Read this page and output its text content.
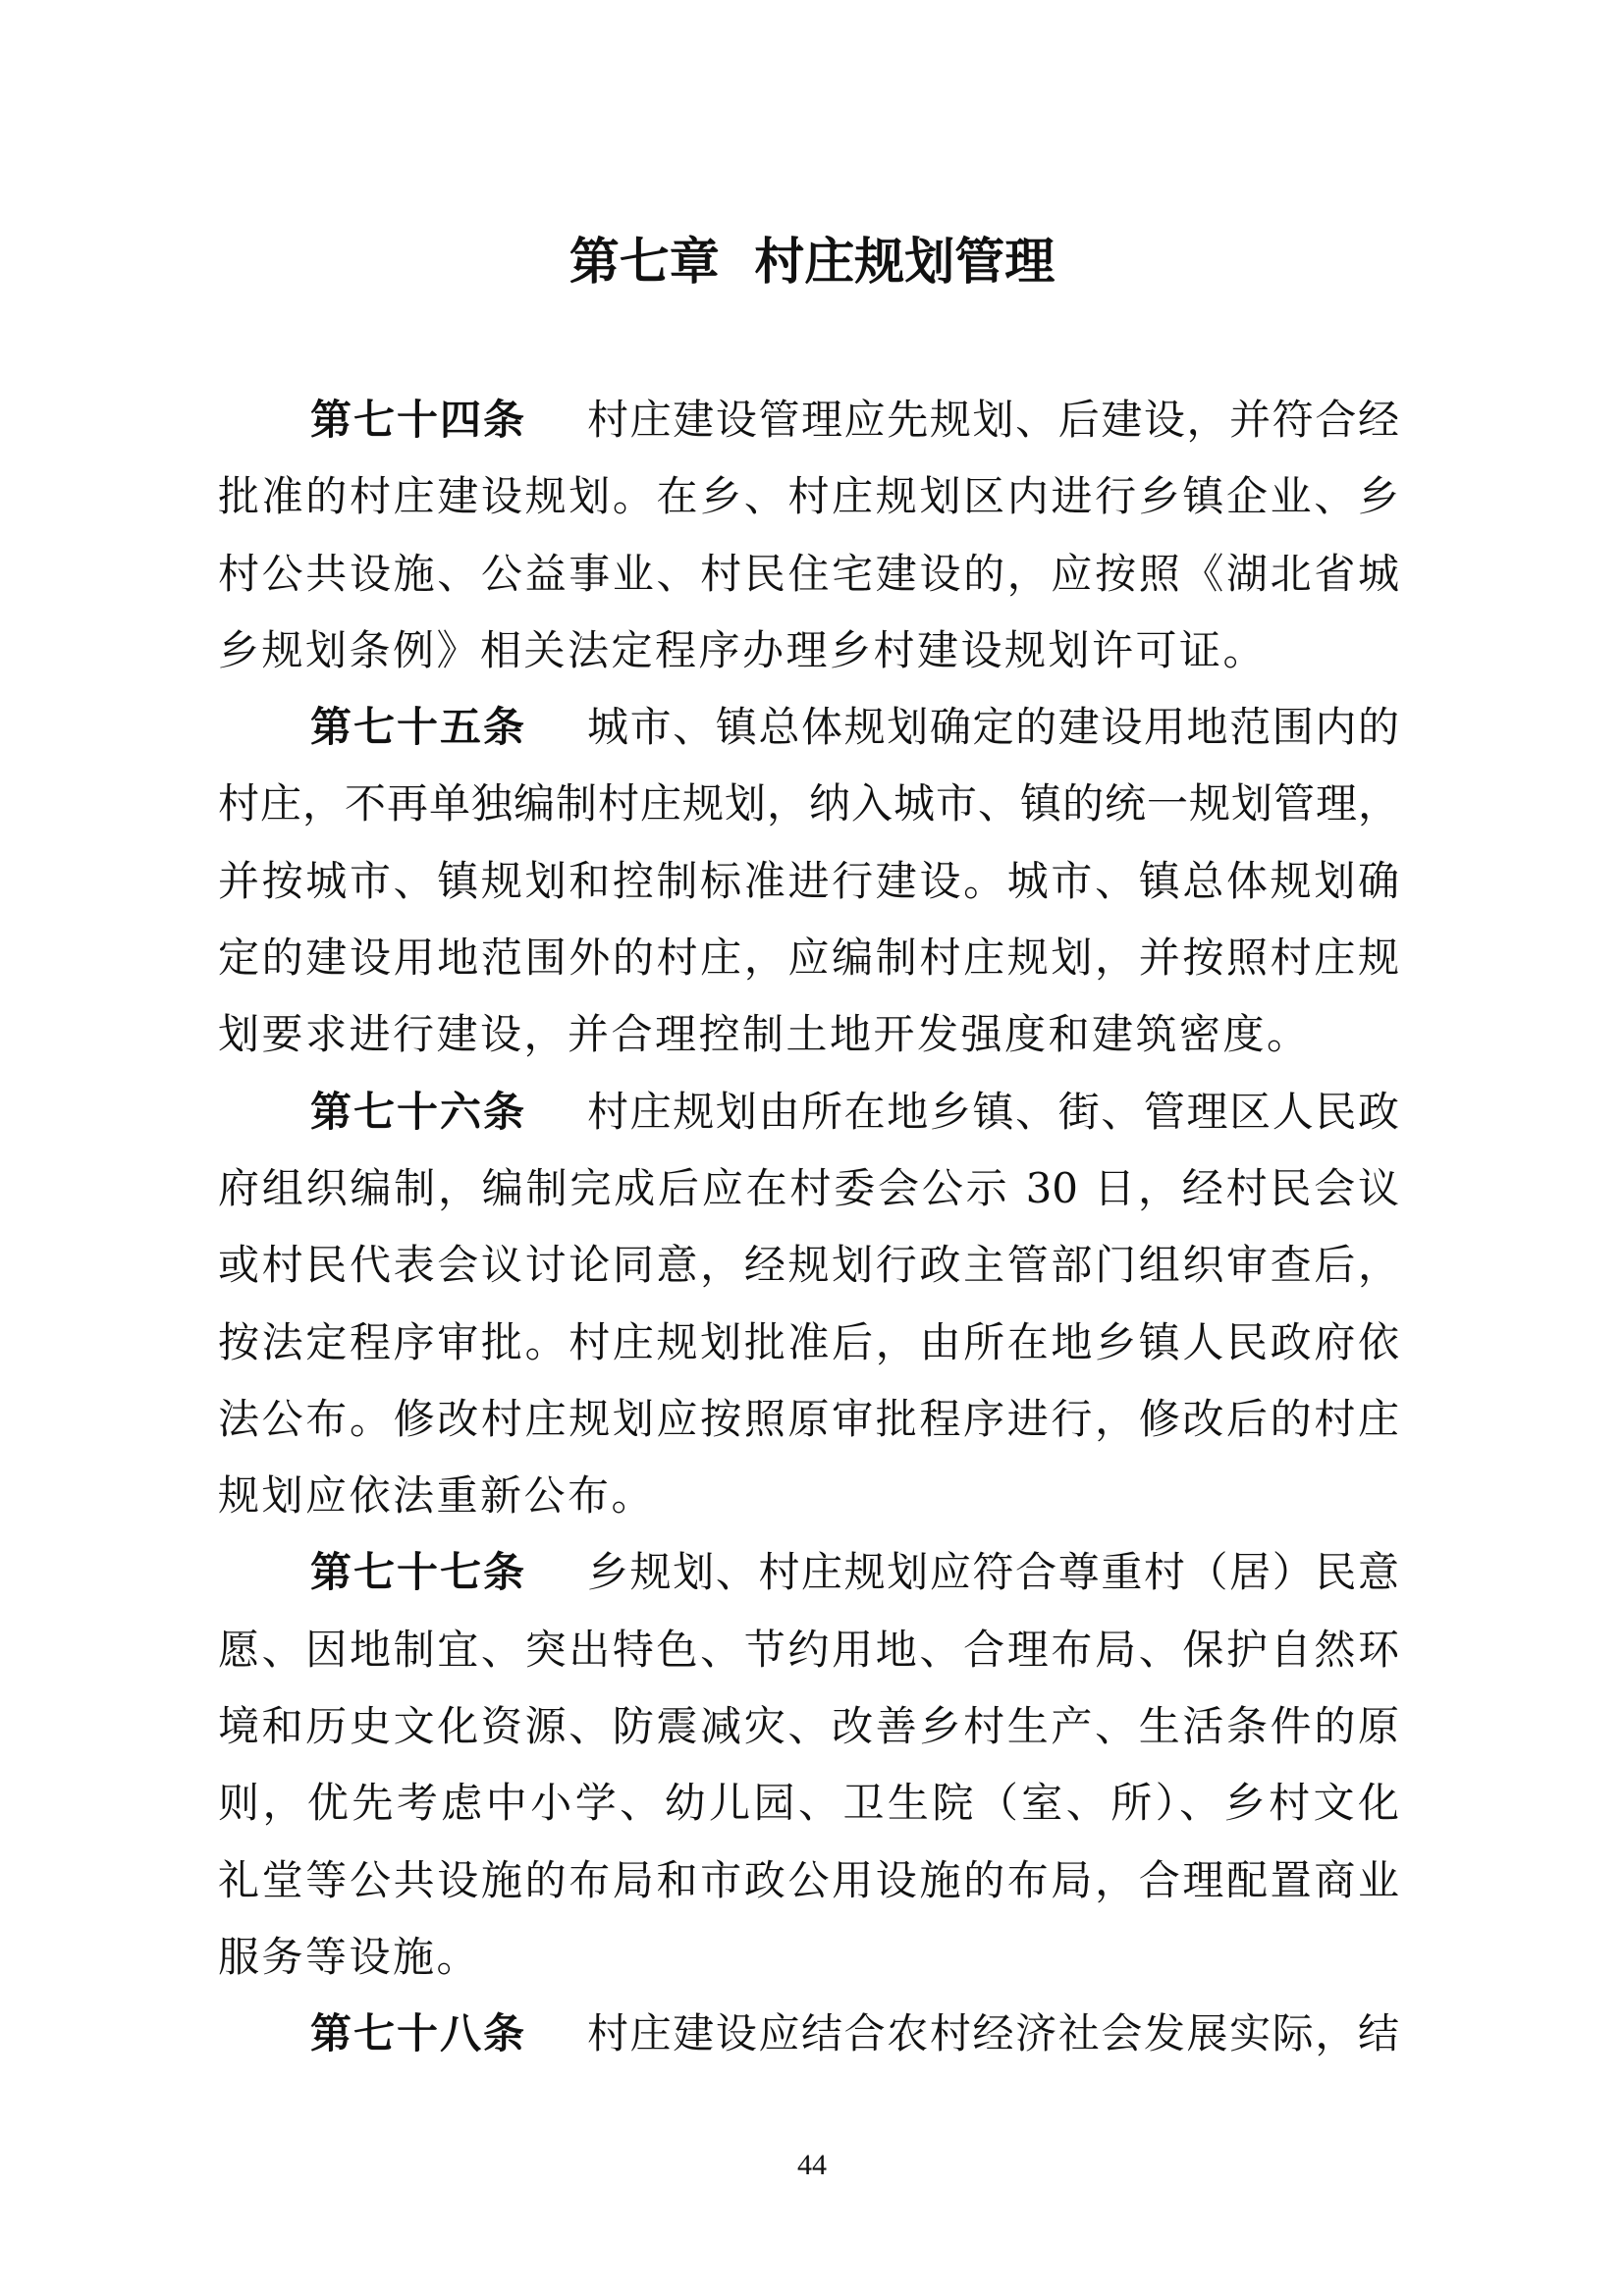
第七章  村庄规划管理
第七十四条 村庄建设管理应先规划、后建设，并符合经
批准的村庄建设规划。在乡、村庄规划区内进行乡镇企业、乡
村公共设施、公益事业、村民住宅建设的，应按照《湖北省城
乡规划条例》相关法定程序办理乡村建设规划许可证。
第七十五条 城市、镇总体规划确定的建设用地范围内的
村庄，不再单独编制村庄规划，纳入城市、镇的统一规划管理，
并按城市、镇规划和控制标准进行建设。城市、镇总体规划确
定的建设用地范围外的村庄，应编制村庄规划，并按照村庄规
划要求进行建设，并合理控制土地开发强度和建筑密度。
第七十六条 村庄规划由所在地乡镇、街、管理区人民政
府组织编制，编制完成后应在村委会公示 30 日，经村民会议
或村民代表会议讨论同意，经规划行政主管部门组织审查后，
按法定程序审批。村庄规划批准后，由所在地乡镇人民政府依
法公布。修改村庄规划应按照原审批程序进行，修改后的村庄
规划应依法重新公布。
第七十七条 乡规划、村庄规划应符合尊重村（居）民意
愿、因地制宜、突出特色、节约用地、合理布局、保护自然环
境和历史文化资源、防震减灾、改善乡村生产、生活条件的原
则，优先考虑中小学、幼儿园、卫生院（室、所）、乡村文化
礼堂等公共设施的布局和市政公用设施的布局，合理配置商业
服务等设施。
第七十八条 村庄建设应结合农村经济社会发展实际，结
44
